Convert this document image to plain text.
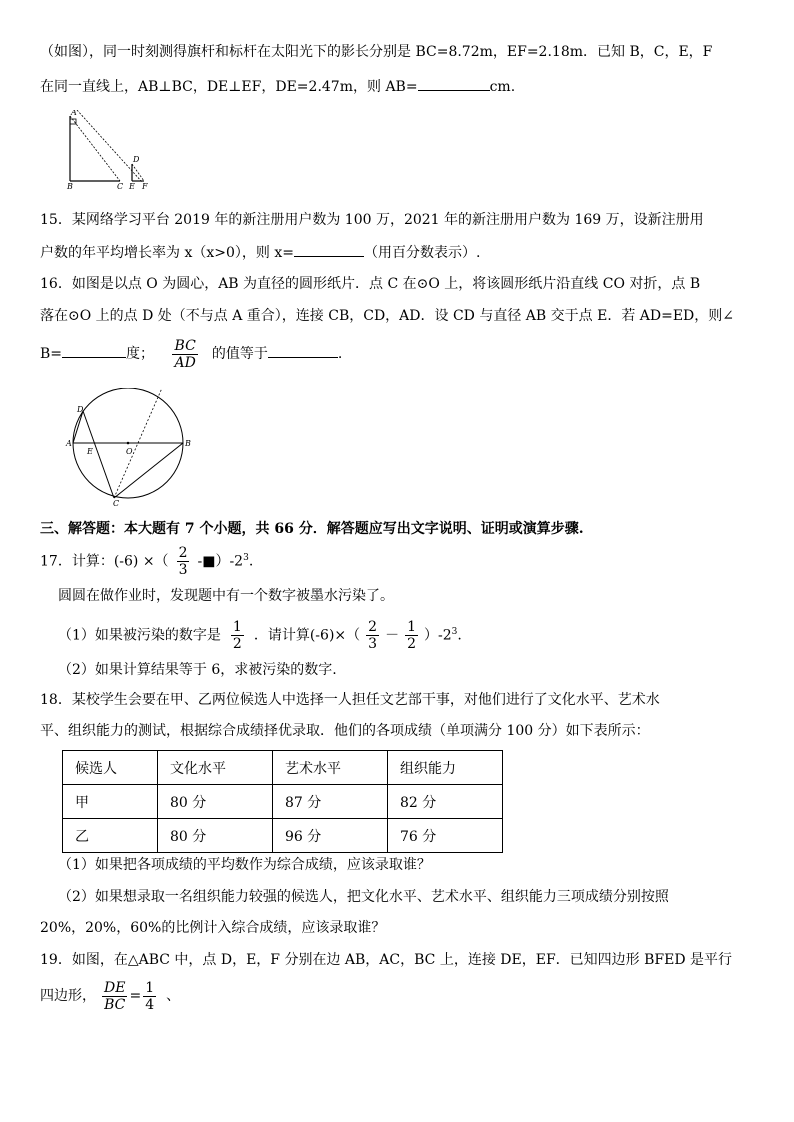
（如图），同一时刻测得旗杆和标杆在太阳光下的影长分别是 BC=8.72m，EF=2.18m．已知 B，C，E，F
在同一直线上，AB⊥BC，DE⊥EF，DE=2.47m，则 AB=	cm.
A
B	C
D
E F
15．某网络学习平台 2019 年的新注册用户数为 100 万，2021 年的新注册用户数为 169 万，设新注册用
户数的年平均增长率为 x（x>0），则 x=	（用百分数表示）.
16．如图是以点 O 为圆心，AB 为直径的圆形纸片．点 C 在⊙O 上，将该圆形纸片沿直线 CO 对折，点 B
落在⊙O 上的点 D 处（不与点 A 重合），连接 CB，CD，AD．设 CD 与直径 AB 交于点 E．若 AD=ED，则∠
B=	度； $\frac{BC}{AD}$ 的值等于	.
D
A
E	O
B
C
三、解答题：本大题有 7 个小题，共 66 分．解答题应写出文字说明、证明或演算步骤.
17．计算：(-6) ×（ $\frac{2}{3}$ $-■)-2^3$.
圆圆在做作业时，发现题中有一个数字被墨水污染了。
（1）如果被污染的数字是 $\frac{1}{2}$ ．请计算$(-6)\times( \frac{2}{3} - \frac{1}{2} )-2^3$.
（2）如果计算结果等于 6，求被污染的数字.
18．某校学生会要在甲、乙两位候选人中选择一人担任文艺部干事，对他们进行了文化水平、艺术水
平、组织能力的测试，根据综合成绩择优录取．他们的各项成绩（单项满分 100 分）如下表所示：
候选人	文化水平	艺术水平	组织能力
甲	80 分	87 分	82 分
乙	80 分	96 分	76 分
（1）如果把各项成绩的平均数作为综合成绩，应该录取谁？
（2）如果想录取一名组织能力较强的候选人，把文化水平、艺术水平、组织能力三项成绩分别按照
20%，20%，60%的比例计入综合成绩，应该录取谁？
19．如图，在△ABC 中，点 D，E，F 分别在边 AB，AC，BC 上，连接 DE，EF．已知四边形 BFED 是平行
四边形， $\frac{DE}{BC} = \frac{1}{4}$ 、
